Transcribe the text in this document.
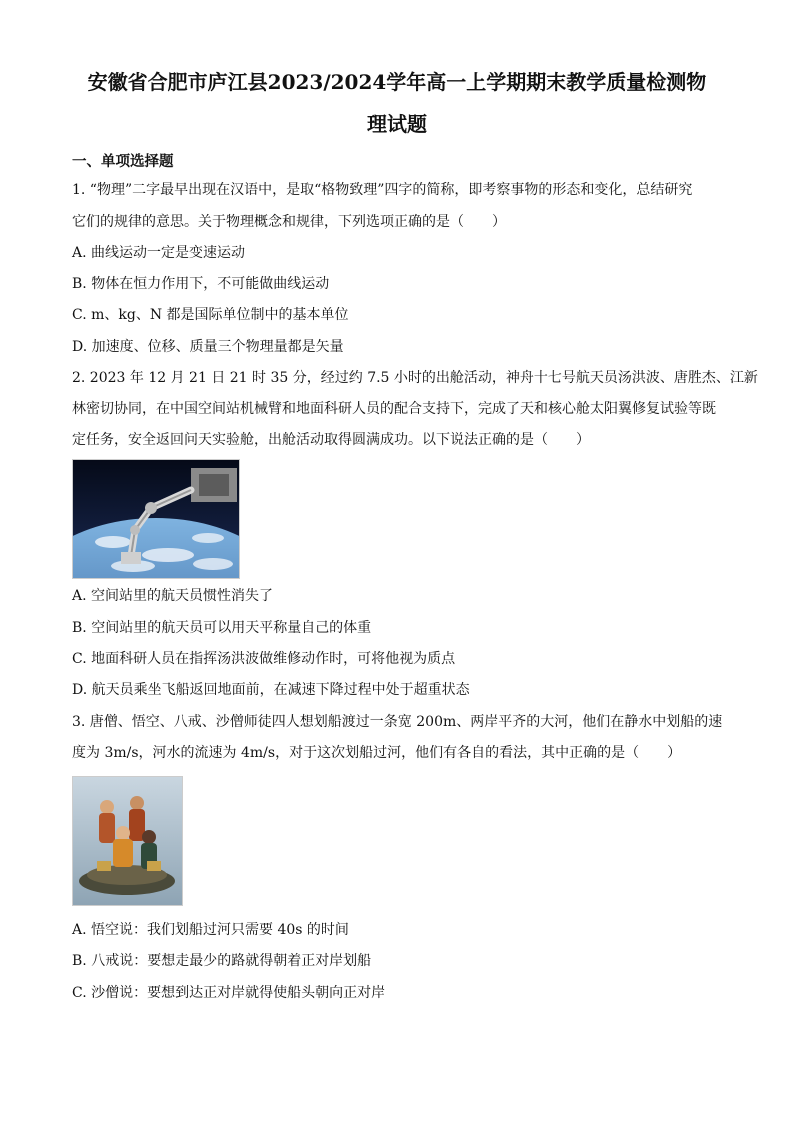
安徽省合肥市庐江县2023/2024学年高一上学期期末教学质量检测物
理试题
一、单项选择题
1. “物理”二字最早出现在汉语中，是取“格物致理”四字的简称，即考察事物的形态和变化，总结研究
它们的规律的意思。关于物理概念和规律，下列选项正确的是（　　）
A. 曲线运动一定是变速运动
B. 物体在恒力作用下，不可能做曲线运动
C. m、kg、N 都是国际单位制中的基本单位
D. 加速度、位移、质量三个物理量都是矢量
2. 2023 年 12 月 21 日 21 时 35 分，经过约 7.5 小时的出舱活动，神舟十七号航天员汤洪波、唐胜杰、江新
林密切协同，在中国空间站机械臂和地面科研人员的配合支持下，完成了天和核心舱太阳翼修复试验等既
定任务，安全返回问天实验舱，出舱活动取得圆满成功。以下说法正确的是（　　）
A. 空间站里的航天员惯性消失了
B. 空间站里的航天员可以用天平称量自己的体重
C. 地面科研人员在指挥汤洪波做维修动作时，可将他视为质点
D. 航天员乘坐飞船返回地面前，在减速下降过程中处于超重状态
3. 唐僧、悟空、八戒、沙僧师徒四人想划船渡过一条宽 200m、两岸平齐的大河，他们在静水中划船的速
度为 3m/s，河水的流速为 4m/s，对于这次划船过河，他们有各自的看法，其中正确的是（　　）
A. 悟空说：我们划船过河只需要 40s 的时间
B. 八戒说：要想走最少的路就得朝着正对岸划船
C. 沙僧说：要想到达正对岸就得使船头朝向正对岸
